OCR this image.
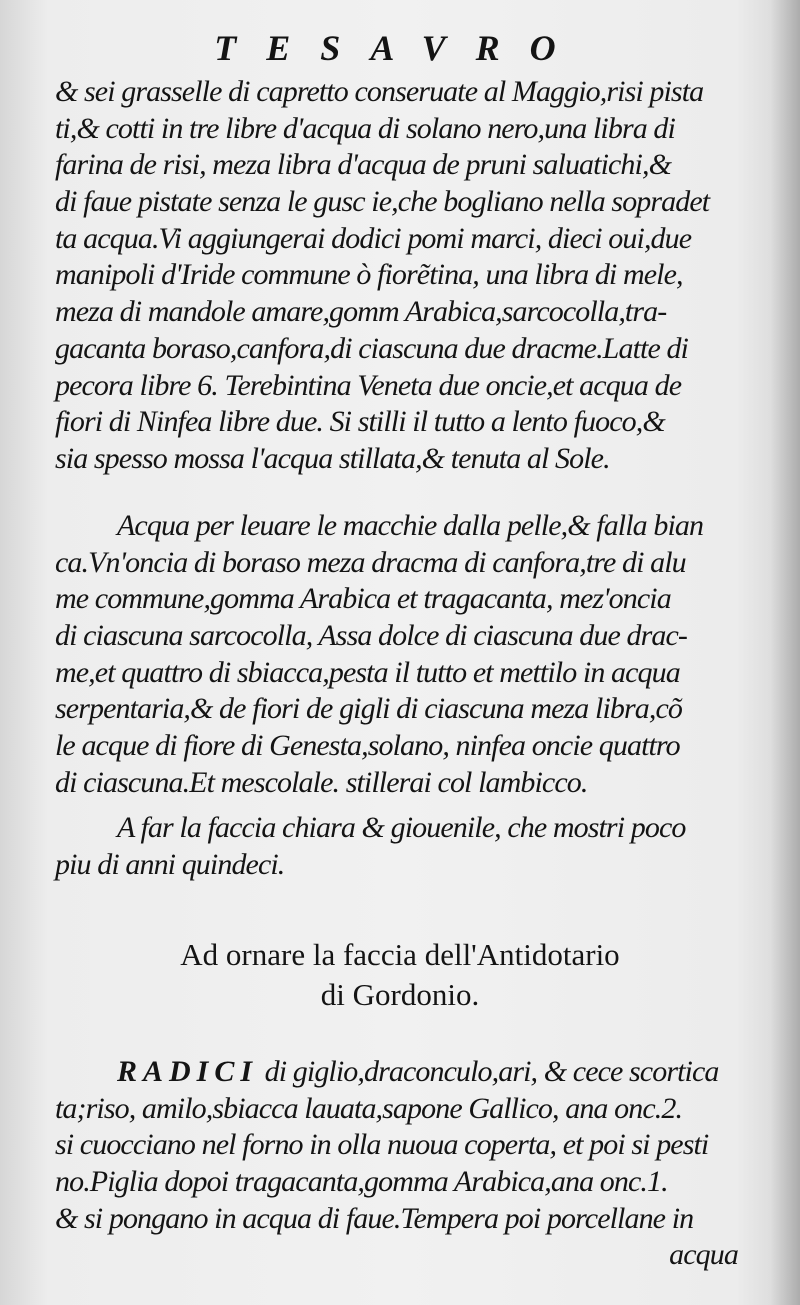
TESAVRO
& sei grasselle di capretto conseruate al Maggio,risi pista
ti,& cotti in tre libre d'acqua di solano nero,una libra di
farina de risi, meza libra d'acqua de pruni saluatichi,&
di faue pistate senza le gusc ie,che bogliano nella sopradet
ta acqua.Vi aggiungerai dodici pomi marci, dieci oui,due
manipoli d'Iride commune ò fiorẽtina, una libra di mele,
meza di mandole amare,gomm Arabica,sarcocolla,tra-
gacanta boraso,canfora,di ciascuna due dracme.Latte di
pecora libre 6. Terebintina Veneta due oncie,et acqua de
fiori di Ninfea libre due. Si stilli il tutto a lento fuoco,&
sia spesso mossa l'acqua stillata,& tenuta al Sole.
Acqua per leuare le macchie dalla pelle,& falla bian
ca.Vn'oncia di boraso meza dracma di canfora,tre di alu
me commune,gomma Arabica et tragacanta, mez'oncia
di ciascuna sarcocolla, Assa dolce di ciascuna due drac-
me,et quattro di sbiacca,pesta il tutto et mettilo in acqua
serpentaria,& de fiori de gigli di ciascuna meza libra,cõ
le acque di fiore di Genesta,solano, ninfea oncie quattro
di ciascuna.Et mescolale. stillerai col lambicco.
A far la faccia chiara & giouenile, che mostri poco
piu di anni quindeci.
Ad ornare la faccia dell'Antidotario
di Gordonio.
RADICI di giglio,draconculo,ari, & cece scortica
ta;riso, amilo,sbiacca lauata,sapone Gallico, ana onc.2.
si cuocciano nel forno in olla nuoua coperta, et poi si pesti
no.Piglia dopoi tragacanta,gomma Arabica,ana onc.1.
& si pongano in acqua di faue.Tempera poi porcellane in
acqua
